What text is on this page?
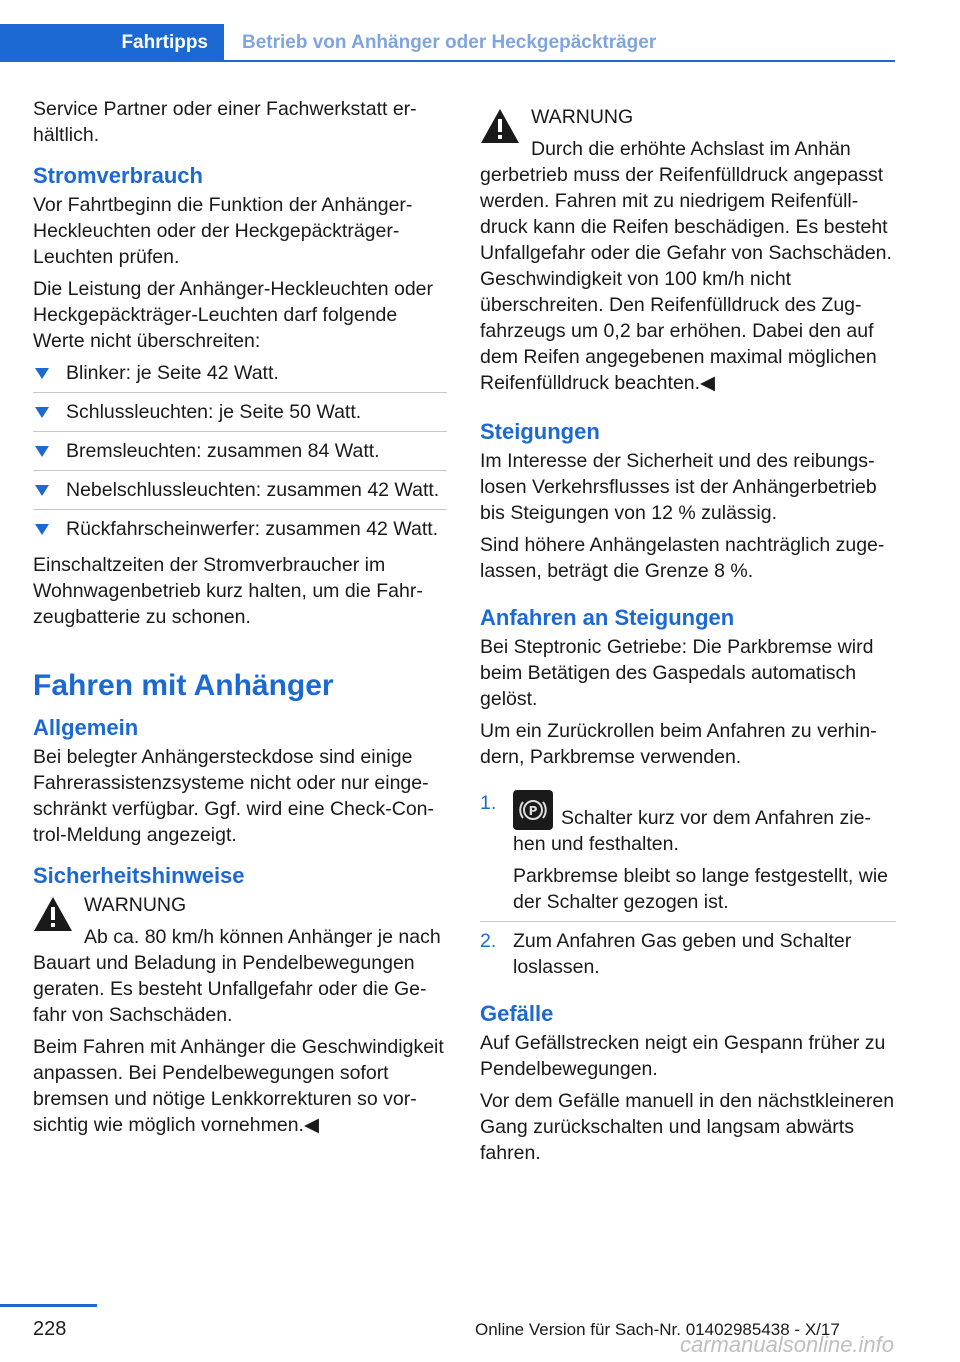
Fahrtipps	Betrieb von Anhänger oder Heckgepäckträger

Service Partner oder einer Fachwerkstatt erhältlich.

Stromverbrauch

Vor Fahrtbeginn die Funktion der Anhänger-Heckleuchten oder der Heckgepäckträger-Leuchten prüfen.

Die Leistung der Anhänger-Heckleuchten oder Heckgepäckträger-Leuchten darf folgende Werte nicht überschreiten:

Blinker: je Seite 42 Watt.
Schlussleuchten: je Seite 50 Watt.
Bremsleuchten: zusammen 84 Watt.
Nebelschlussleuchten: zusammen 42 Watt.
Rückfahrscheinwerfer: zusammen 42 Watt.

Einschaltzeiten der Stromverbraucher im Wohnwagenbetrieb kurz halten, um die Fahrzeugbatterie zu schonen.

Fahren mit Anhänger
Allgemein

Bei belegter Anhängersteckdose sind einige Fahrerassistenzsysteme nicht oder nur eingeschränkt verfügbar. Ggf. wird eine Check-Control-Meldung angezeigt.

Sicherheitshinweise
WARNUNG
Ab ca. 80 km/h können Anhänger je nach

Bauart und Beladung in Pendelbewegungen geraten. Es besteht Unfallgefahr oder die Gefahr von Sachschäden.

Beim Fahren mit Anhänger die Geschwindigkeit anpassen. Bei Pendelbewegungen sofort bremsen und nötige Lenkkorrekturen so vorsichtig wie möglich vornehmen.◀

WARNUNG
Durch die erhöhte Achslast im Anhän

gerbetrieb muss der Reifenfülldruck angepasst werden. Fahren mit zu niedrigem Reifenfülldruck kann die Reifen beschädigen. Es besteht Unfallgefahr oder die Gefahr von Sachschäden. Geschwindigkeit von 100 km/h nicht überschreiten. Den Reifenfülldruck des Zugfahrzeugs um 0,2 bar erhöhen. Dabei den auf dem Reifen angegebenen maximal möglichen Reifenfülldruck beachten.◀

Steigungen

Im Interesse der Sicherheit und des reibungslosen Verkehrsflusses ist der Anhängerbetrieb bis Steigungen von 12 % zulässig.

Sind höhere Anhängelasten nachträglich zugelassen, beträgt die Grenze 8 %.

Anfahren an Steigungen

Bei Steptronic Getriebe: Die Parkbremse wird beim Betätigen des Gaspedals automatisch gelöst.

Um ein Zurückrollen beim Anfahren zu verhindern, Parkbremse verwenden.

1.	P Schalter kurz vor dem Anfahren ziehen und festhalten.

Parkbremse bleibt so lange festgestellt, wie der Schalter gezogen ist.

2. Zum Anfahren Gas geben und Schalter loslassen.
Gefälle

Auf Gefällstrecken neigt ein Gespann früher zu Pendelbewegungen.

Vor dem Gefälle manuell in den nächstkleineren Gang zurückschalten und langsam abwärts fahren.

228	Online Version für Sach-Nr. 01402985438 - X/17
carmanualsonline.info
